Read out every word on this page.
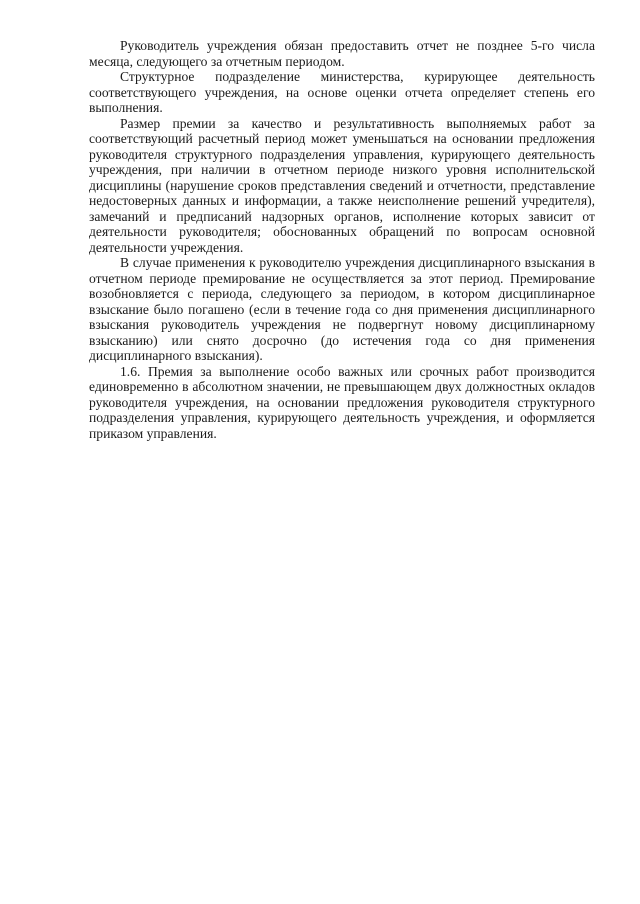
Руководитель учреждения обязан предоставить отчет не позднее 5-го числа месяца, следующего за отчетным периодом.

Структурное подразделение министерства, курирующее деятельность соответствующего учреждения, на основе оценки отчета определяет степень его выполнения.

Размер премии за качество и результативность выполняемых работ за соответствующий расчетный период может уменьшаться на основании предложения руководителя структурного подразделения управления, курирующего деятельность учреждения, при наличии в отчетном периоде низкого уровня исполнительской дисциплины (нарушение сроков представления сведений и отчетности, представление недостоверных данных и информации, а также неисполнение решений учредителя), замечаний и предписаний надзорных органов, исполнение которых зависит от деятельности руководителя; обоснованных обращений по вопросам основной деятельности учреждения.

В случае применения к руководителю учреждения дисциплинарного взыскания в отчетном периоде премирование не осуществляется за этот период. Премирование возобновляется с периода, следующего за периодом, в котором дисциплинарное взыскание было погашено (если в течение года со дня применения дисциплинарного взыскания руководитель учреждения не подвергнут новому дисциплинарному взысканию) или снято досрочно (до истечения года со дня применения дисциплинарного взыскания).

1.6. Премия за выполнение особо важных или срочных работ производится единовременно в абсолютном значении, не превышающем двух должностных окладов руководителя учреждения, на основании предложения руководителя структурного подразделения управления, курирующего деятельность учреждения, и оформляется приказом управления.
